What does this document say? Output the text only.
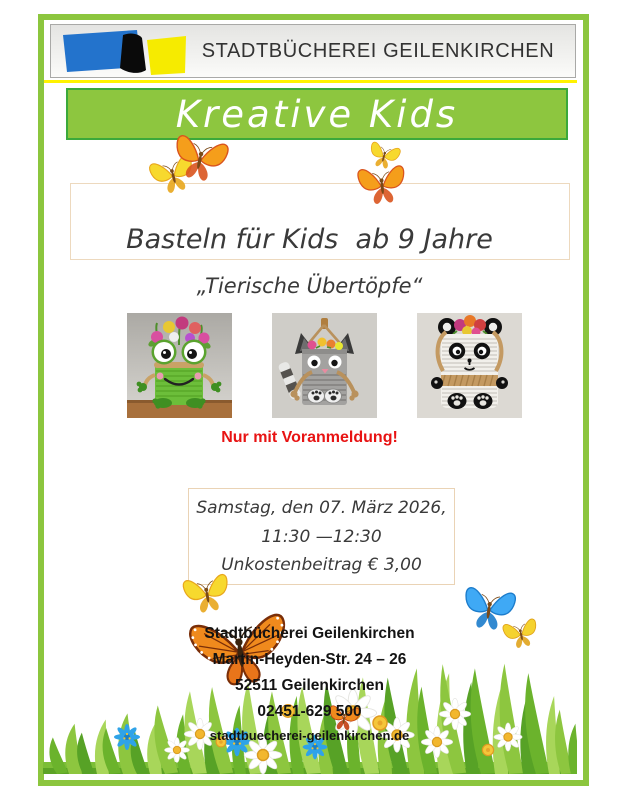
STADTBÜCHEREI GEILENKIRCHEN
Kreative Kids
Basteln für Kids  ab 9 Jahre
„Tierische Übertöpfe“
Nur mit Voranmeldung!
Samstag, den 07. März 2026,
11:30 —12:30
Unkostenbeitrag € 3,00
Stadtbücherei Geilenkirchen
Martin-Heyden-Str. 24 – 26
52511 Geilenkirchen
02451-629 500
stadtbuecherei-geilenkirchen.de
